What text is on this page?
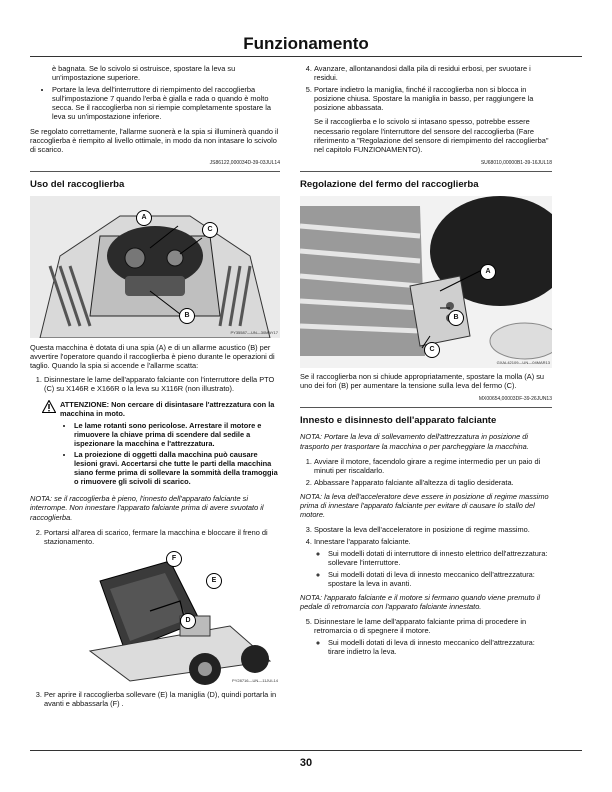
Funzionamento
è bagnata. Se lo scivolo si ostruisce, spostare la leva su un'impostazione superiore.
• Portare la leva dell'interruttore di riempimento del raccoglierba sull'impostazione 7 quando l'erba è gialla e rada o quando è molto secca. Se il raccoglierba non si riempie completamente spostare la leva su un'impostazione inferiore.

Se regolato correttamente, l'allarme suonerà e la spia si illuminerà quando il raccoglierba è riempito al livello ottimale, in modo da non intasare lo scivolo di scarico.

JS86122,000034D-39-03JUL14
Uso del raccoglierba
A
C
B
PY35587—UN—30MAY17

Questa macchina è dotata di una spia (A) e di un allarme acustico (B) per avvertire l'operatore quando il raccoglierba è pieno durante le operazioni di taglio. Quando la spia si accende e l'allarme scatta:

1. Disinnestare le lame dell'apparato falciante con l'interruttore della PTO (C) su X146R e X166R o la leva su X116R (non illustrato).
ATTENZIONE: Non cercare di disintasare l'attrezzatura con la macchina in moto.
• Le lame rotanti sono pericolose. Arrestare il motore e rimuovere la chiave prima di scendere dal sedile a ispezionare la macchina e l'attrezzatura.
• La proiezione di oggetti dalla macchina può causare lesioni gravi. Accertarsi che tutte le parti della macchina siano ferme prima di sollevare la sommità della tramoggia o rimuovere gli scivoli di scarico.
NOTA: se il raccoglierba è pieno, l'innesto dell'apparato falciante si interrompe. Non innestare l'apparato falciante prima di avere svuotato il raccoglierba.
2. Portarsi all'area di scarico, fermare la macchina e bloccare il freno di stazionamento.
F
E
D
PY28716—UN—11JUL14
3. Per aprire il raccoglierba sollevare (E) la maniglia (D), quindi portarla in avanti e abbassarla (F) .
4. Avanzare, allontanandosi dalla pila di residui erbosi, per svuotare i residui.
5. Portare indietro la maniglia, finché il raccoglierba non si blocca in posizione chiusa. Spostare la maniglia in basso, per raggiungere la posizione abbassata.

Se il raccoglierba e lo scivolo si intasano spesso, potrebbe essere necessario regolare l'interruttore del sensore del raccoglierba (Fare riferimento a "Regolazione del sensore di riempimento del raccoglierba" nel capitolo FUNZIONAMENTO).

SU68010,00000B1-39-16JUL18
Regolazione del fermo del raccoglierba
A
B
C
GXAL42109—UN—04MAR13

Se il raccoglierba non si chiude appropriatamente, spostare la molla (A) su uno dei fori (B) per aumentare la tensione sulla leva del fermo (C).

MX00654,00003DF-39-26JUN13
Innesto e disinnesto dell'apparato falciante
NOTA: Portare la leva di sollevamento dell'attrezzatura in posizione di trasporto per trasportare la macchina o per parcheggiare la macchina.
1. Avviare il motore, facendolo girare a regime intermedio per un paio di minuti per riscaldarlo.
2. Abbassare l'apparato falciante all'altezza di taglio desiderata.
NOTA: la leva dell'acceleratore deve essere in posizione di regime massimo prima di innestare l'apparato falciante per evitare di causare lo stallo del motore.
3. Spostare la leva dell'acceleratore in posizione di regime massimo.
4. Innestare l'apparato falciante.
◦ Sui modelli dotati di interruttore di innesto elettrico dell'attrezzatura: sollevare l'interruttore.
◦ Sui modelli dotati di leva di innesto meccanico dell'attrezzatura: spostare la leva in avanti.
NOTA: l'apparato falciante e il motore si fermano quando viene premuto il pedale di retromarcia con l'apparato falciante innestato.
5. Disinnestare le lame dell'apparato falciante prima di procedere in retromarcia o di spegnere il motore.
◦ Sui modelli dotati di leva di innesto meccanico dell'attrezzatura: tirare indietro la leva.
30
